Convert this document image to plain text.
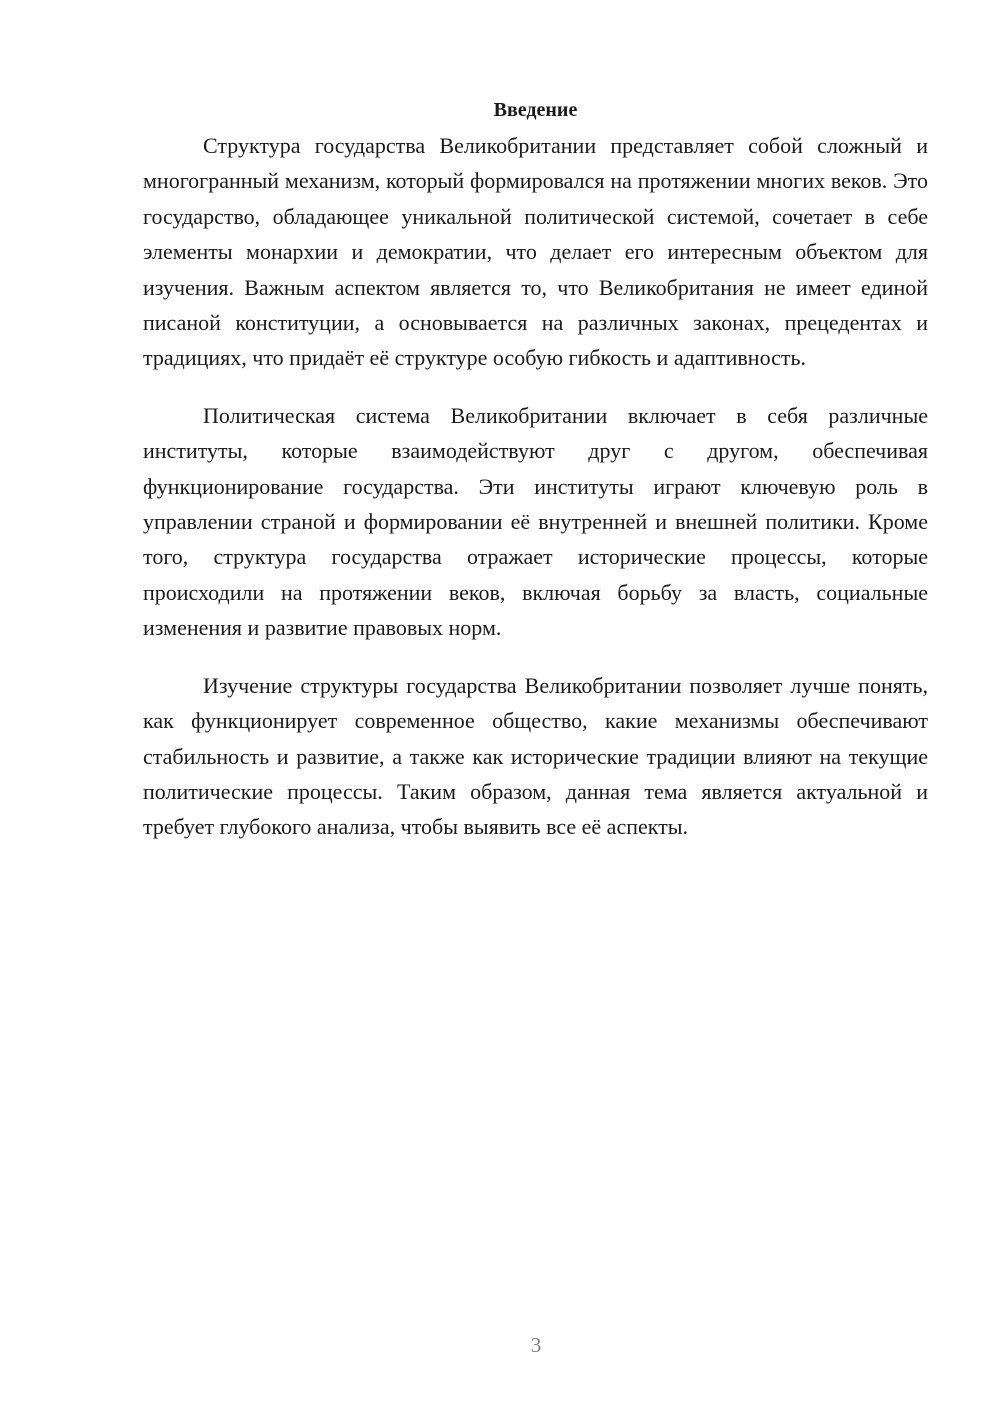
Введение

Структура государства Великобритании представляет собой сложный и многогранный механизм, который формировался на протяжении многих веков. Это государство, обладающее уникальной политической системой, сочетает в себе элементы монархии и демократии, что делает его интересным объектом для изучения. Важным аспектом является то, что Великобритания не имеет единой писаной конституции, а основывается на различных законах, прецедентах и традициях, что придаёт её структуре особую гибкость и адаптивность.

Политическая система Великобритании включает в себя различные институты, которые взаимодействуют друг с другом, обеспечивая функционирование государства. Эти институты играют ключевую роль в управлении страной и формировании её внутренней и внешней политики. Кроме того, структура государства отражает исторические процессы, которые происходили на протяжении веков, включая борьбу за власть, социальные изменения и развитие правовых норм.

Изучение структуры государства Великобритании позволяет лучше понять, как функционирует современное общество, какие механизмы обеспечивают стабильность и развитие, а также как исторические традиции влияют на текущие политические процессы. Таким образом, данная тема является актуальной и требует глубокого анализа, чтобы выявить все её аспекты.

3
